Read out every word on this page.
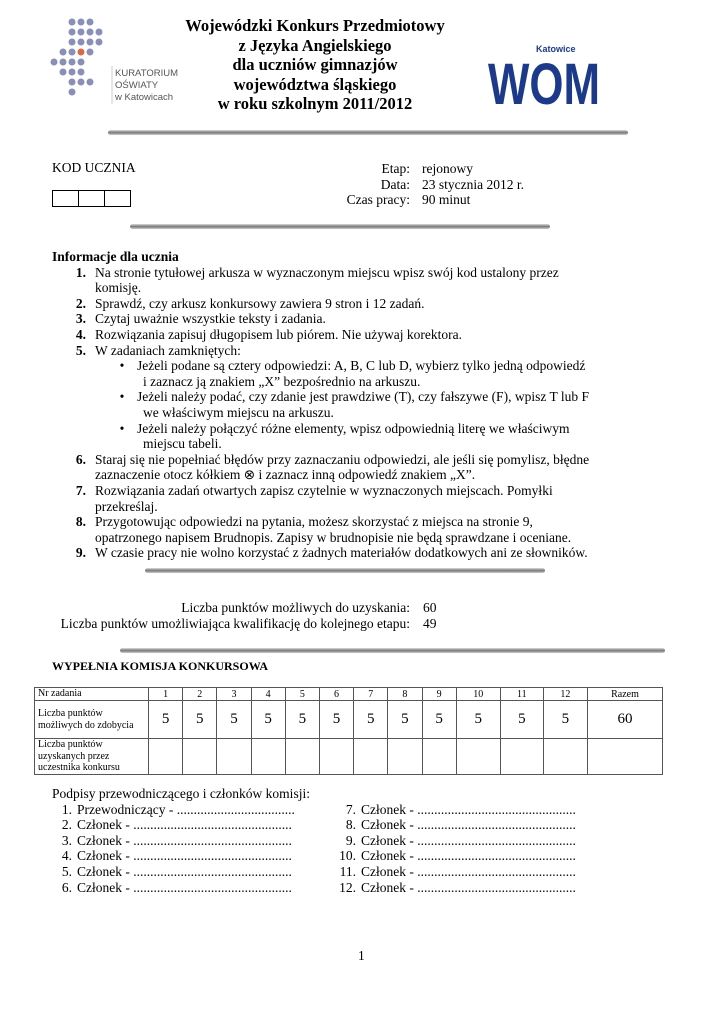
KURATORIUM
OŚWIATY
w Katowicach
Wojewódzki Konkurs Przedmiotowy
z Języka Angielskiego
dla uczniów gimnazjów
województwa śląskiego
w roku szkolnym 2011/2012
Katowice
WOM
KOD UCZNIA	Etap: rejonowy
Data: 23 stycznia 2012 r.
Czas pracy: 90 minut
Informacje dla ucznia
1. Na stronie tytułowej arkusza w wyznaczonym miejscu wpisz swój kod ustalony przez
komisję.
2. Sprawdź, czy arkusz konkursowy zawiera 9 stron i 12 zadań.
3. Czytaj uważnie wszystkie teksty i zadania.
4. Rozwiązania zapisuj długopisem lub piórem. Nie używaj korektora.
5. W zadaniach zamkniętych:
• Jeżeli podane są cztery odpowiedzi: A, B, C lub D, wybierz tylko jedną odpowiedź
i zaznacz ją znakiem „X” bezpośrednio na arkuszu.
• Jeżeli należy podać, czy zdanie jest prawdziwe (T), czy fałszywe (F), wpisz T lub F
we właściwym miejscu na arkuszu.
• Jeżeli należy połączyć różne elementy, wpisz odpowiednią literę we właściwym
miejscu tabeli.
6. Staraj się nie popełniać błędów przy zaznaczaniu odpowiedzi, ale jeśli się pomylisz, błędne
zaznaczenie otocz kółkiem ⊗ i zaznacz inną odpowiedź znakiem „X”.
7. Rozwiązania zadań otwartych zapisz czytelnie w wyznaczonych miejscach. Pomyłki
przekreślaj.
8. Przygotowując odpowiedzi na pytania, możesz skorzystać z miejsca na stronie 9,
opatrzonego napisem Brudnopis. Zapisy w brudnopisie nie będą sprawdzane i oceniane.
9. W czasie pracy nie wolno korzystać z żadnych materiałów dodatkowych ani ze słowników.
Liczba punktów możliwych do uzyskania: 60
Liczba punktów umożliwiająca kwalifikację do kolejnego etapu: 49
WYPEŁNIA KOMISJA KONKURSOWA
Nr zadania	1	2	3	4	5	6	7	8	9	10	11	12	Razem
Liczba punktów możliwych do zdobycia	5	5	5	5	5	5	5	5	5	5	5	5	60
Liczba punktów uzyskanych przez uczestnika konkursu													
Podpisy przewodniczącego i członków komisji:
1. Przewodniczący - ...................................
2. Członek - ...............................................
3. Członek - ...............................................
4. Członek - ...............................................
5. Członek - ...............................................
6. Członek - ...............................................
7. Członek - ...............................................
8. Członek - ...............................................
9. Członek - ...............................................
10. Członek - ...............................................
11. Członek - ...............................................
12. Członek - ...............................................
1
